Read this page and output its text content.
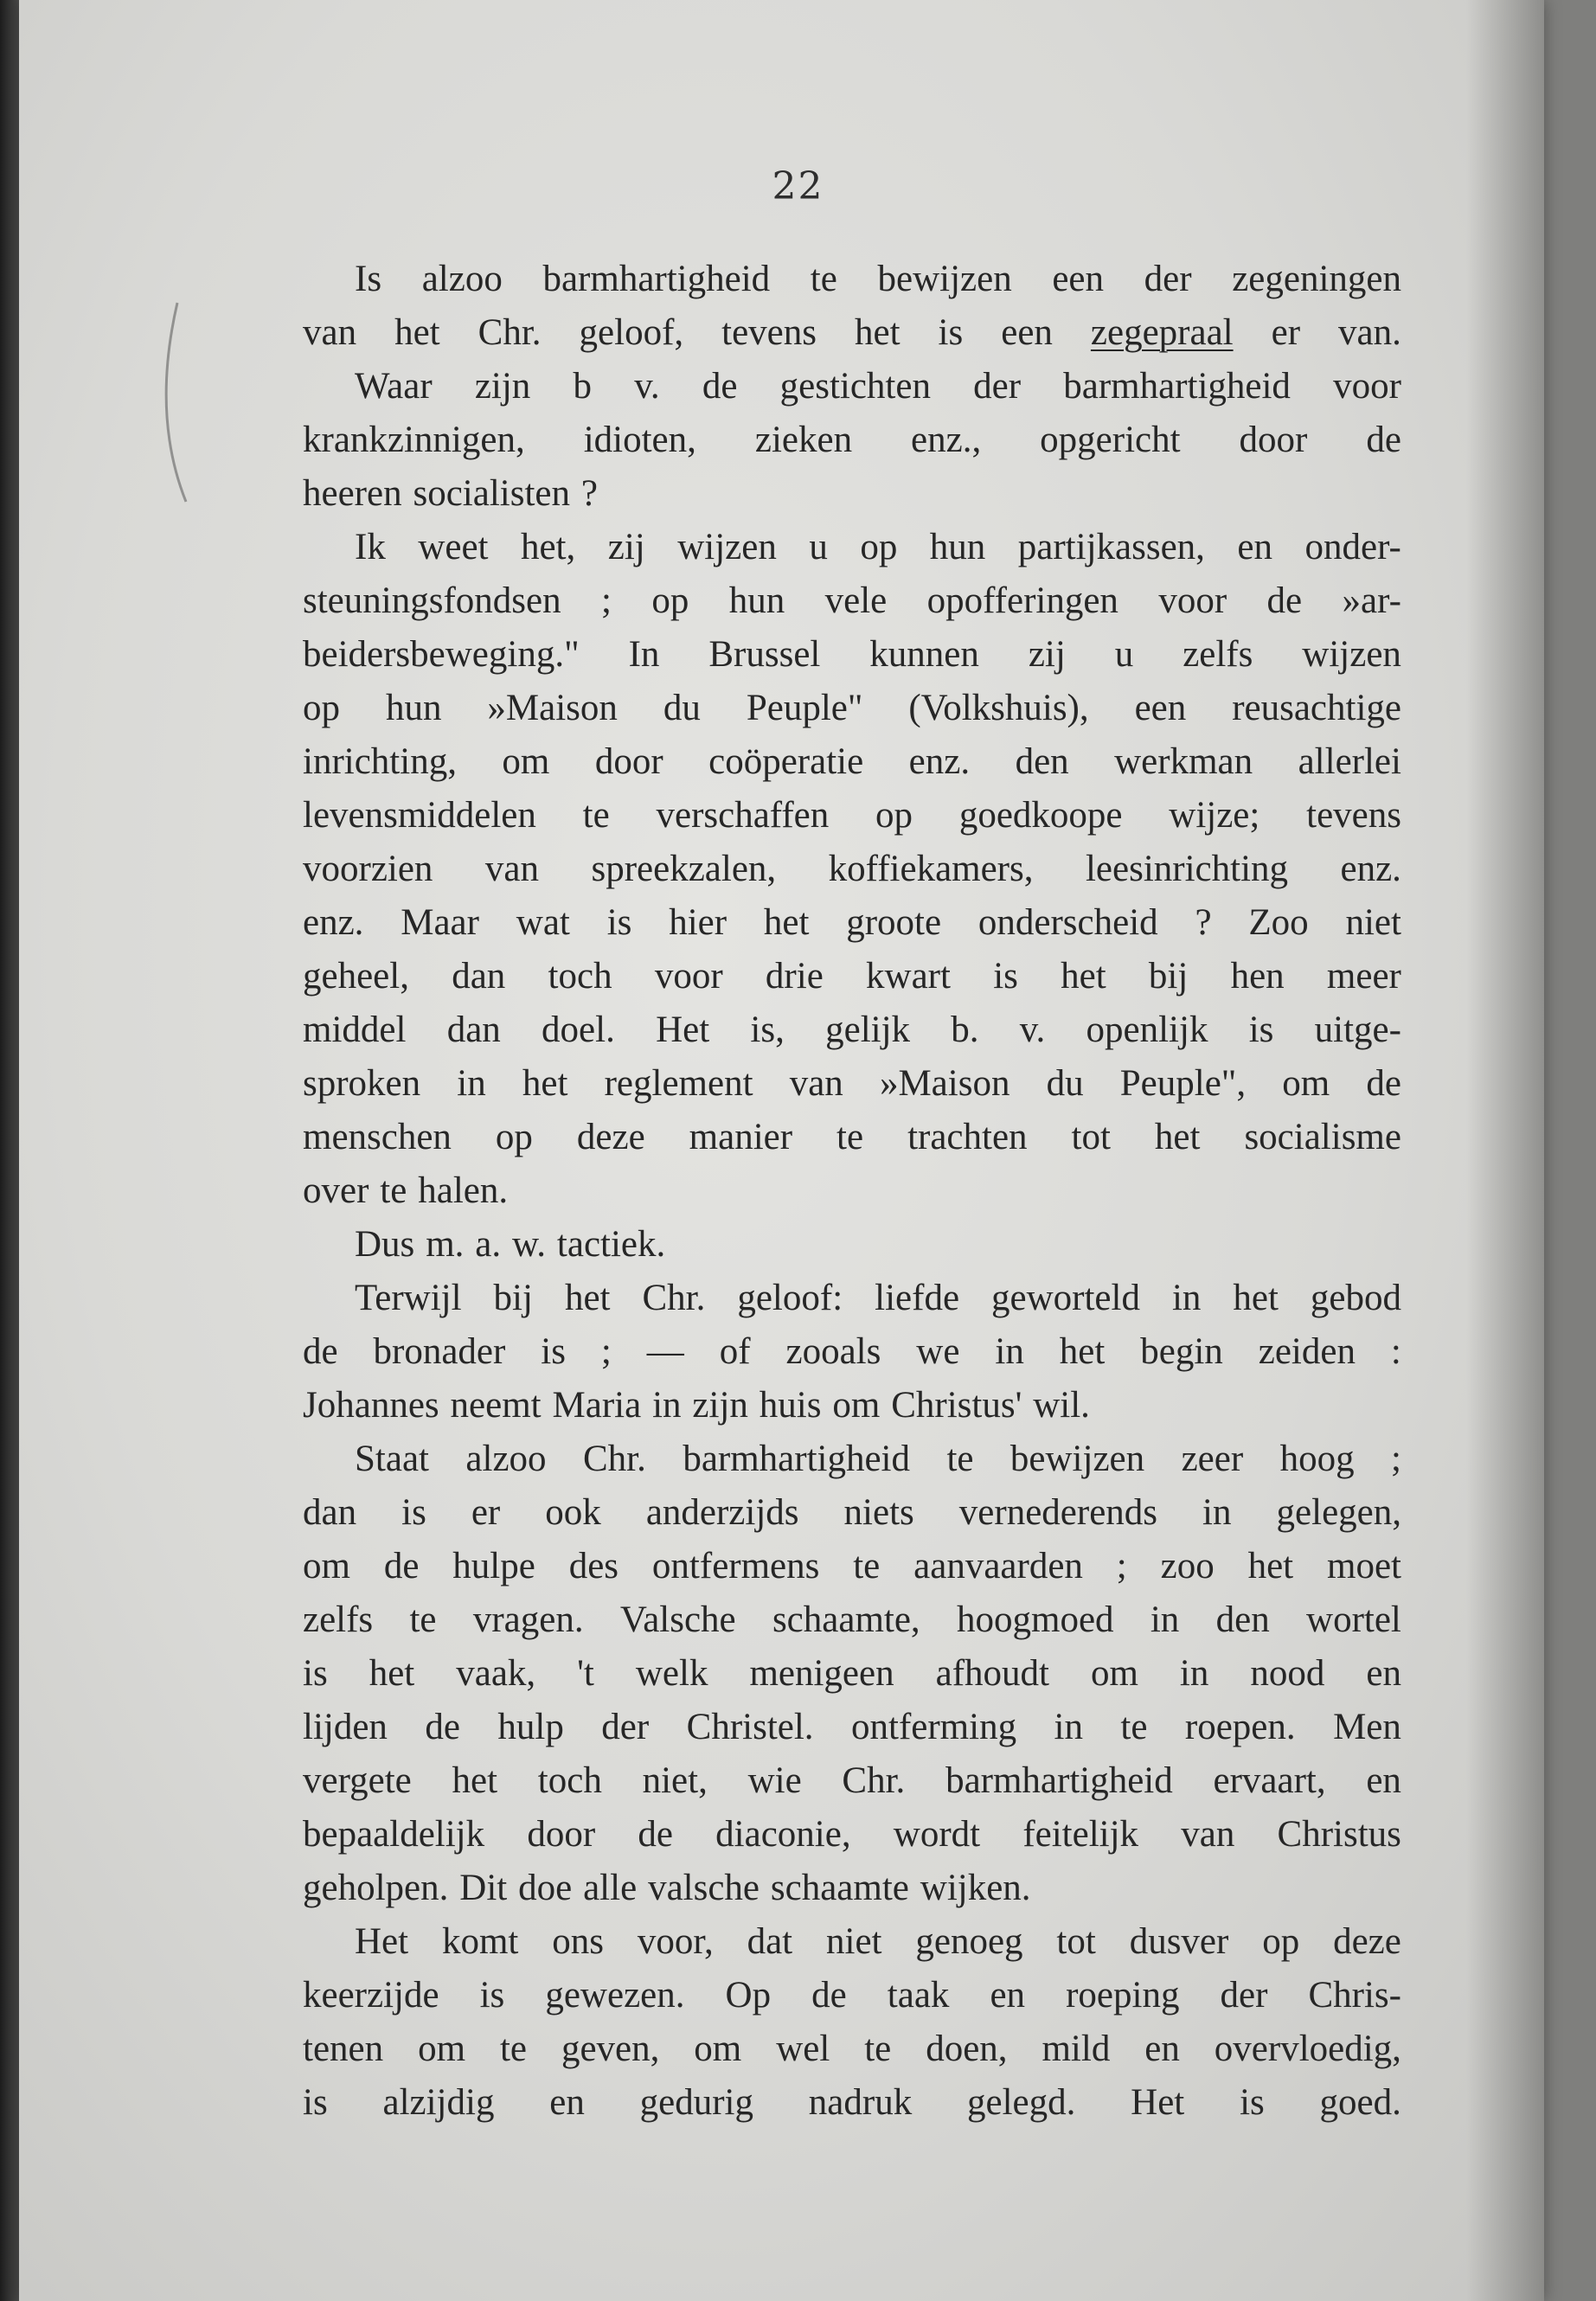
22
Is alzoo barmhartigheid te bewijzen een der zegeningen
van het Chr. geloof, tevens het is een zegepraal er van.
Waar zijn b v. de gestichten der barmhartigheid voor
krankzinnigen, idioten, zieken enz., opgericht door de
heeren socialisten ?
Ik weet het, zij wijzen u op hun partijkassen, en onder-
steuningsfondsen ; op hun vele opofferingen voor de »ar-
beidersbeweging." In Brussel kunnen zij u zelfs wijzen
op hun »Maison du Peuple" (Volkshuis), een reusachtige
inrichting, om door coöperatie enz. den werkman allerlei
levensmiddelen te verschaffen op goedkoope wijze; tevens
voorzien van spreekzalen, koffiekamers, leesinrichting enz.
enz. Maar wat is hier het groote onderscheid ? Zoo niet
geheel, dan toch voor drie kwart is het bij hen meer
middel dan doel. Het is, gelijk b. v. openlijk is uitge-
sproken in het reglement van »Maison du Peuple", om de
menschen op deze manier te trachten tot het socialisme
over te halen.
Dus m. a. w. tactiek.
Terwijl bij het Chr. geloof: liefde geworteld in het gebod
de bronader is ; — of zooals we in het begin zeiden :
Johannes neemt Maria in zijn huis om Christus' wil.
Staat alzoo Chr. barmhartigheid te bewijzen zeer hoog ;
dan is er ook anderzijds niets vernederends in gelegen,
om de hulpe des ontfermens te aanvaarden ; zoo het moet
zelfs te vragen. Valsche schaamte, hoogmoed in den wortel
is het vaak, 't welk menigeen afhoudt om in nood en
lijden de hulp der Christel. ontferming in te roepen. Men
vergete het toch niet, wie Chr. barmhartigheid ervaart, en
bepaaldelijk door de diaconie, wordt feitelijk van Christus
geholpen. Dit doe alle valsche schaamte wijken.
Het komt ons voor, dat niet genoeg tot dusver op deze
keerzijde is gewezen. Op de taak en roeping der Chris-
tenen om te geven, om wel te doen, mild en overvloedig,
is alzijdig en gedurig nadruk gelegd. Het is goed.
